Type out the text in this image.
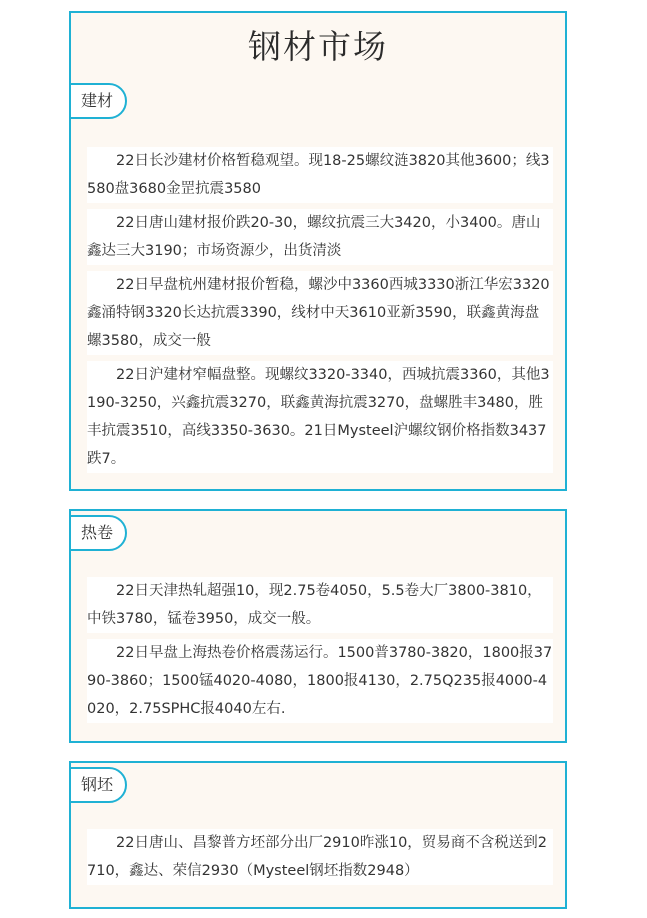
钢材市场
建材

22日长沙建材价格暂稳观望。现18-25螺纹涟3820其他3600；线3580盘3680金罡抗震3580

22日唐山建材报价跌20-30，螺纹抗震三大3420，小3400。唐山鑫达三大3190；市场资源少，出货清淡

22日早盘杭州建材报价暂稳，螺沙中3360西城3330浙江华宏3320鑫涌特钢3320长达抗震3390，线材中天3610亚新3590，联鑫黄海盘螺3580，成交一般

22日沪建材窄幅盘整。现螺纹3320-3340，西城抗震3360，其他3190-3250，兴鑫抗震3270，联鑫黄海抗震3270，盘螺胜丰3480，胜丰抗震3510，高线3350-3630。21日Mysteel沪螺纹钢价格指数3437跌7。

热卷

22日天津热轧超强10，现2.75卷4050，5.5卷大厂3800-3810，中铁3780，锰卷3950，成交一般。

22日早盘上海热卷价格震荡运行。1500普3780-3820，1800报3790-3860；1500锰4020-4080，1800报4130，2.75Q235报4000-4020，2.75SPHC报4040左右.

钢坯

22日唐山、昌黎普方坯部分出厂2910昨涨10，贸易商不含税送到2710，鑫达、荣信2930（Mysteel钢坯指数2948）
